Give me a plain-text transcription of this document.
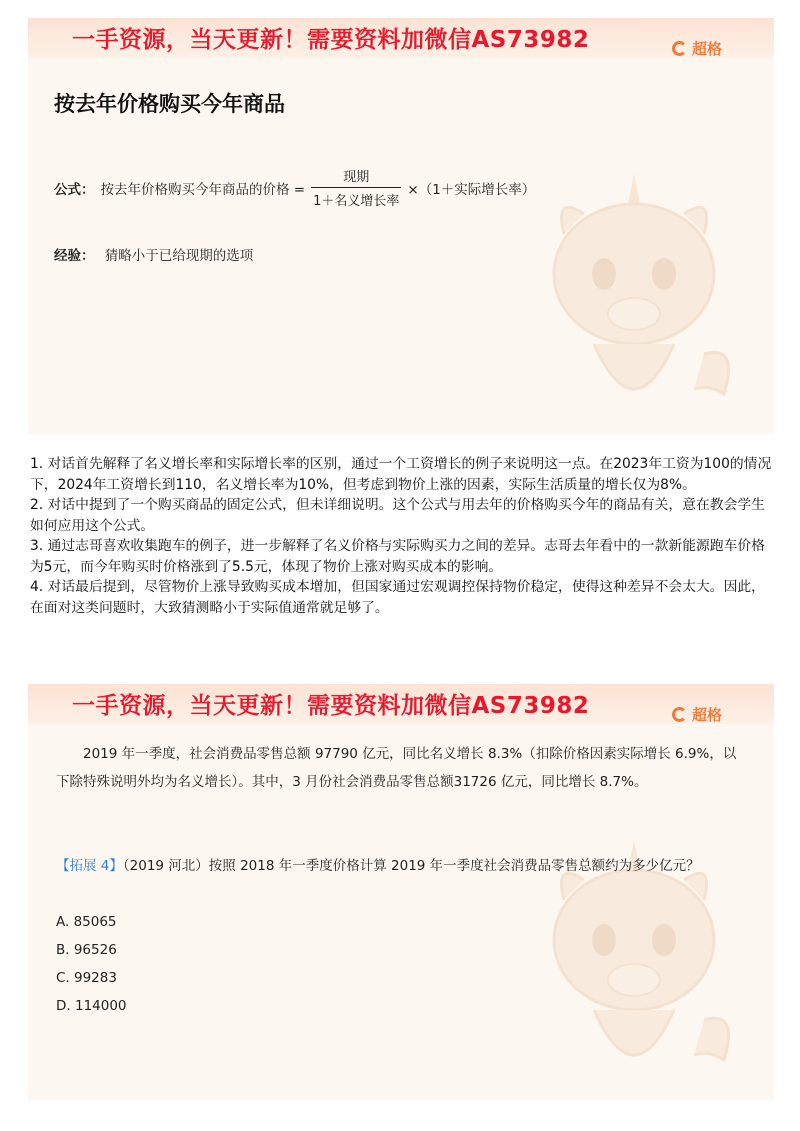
一手资源，当天更新！需要资料加微信AS73982	超格
按去年价格购买今年商品
公式： 按去年价格购买今年商品的价格 = $\frac{\text{现期}}{\text{1＋名义增长率}} \times(1+$实际增长率）
经验： 猜略小于已给现期的选项

1. 对话首先解释了名义增长率和实际增长率的区别，通过一个工资增长的例子来说明这一点。在2023年工资为100的情况下，2024年工资增长到110，名义增长率为10%，但考虑到物价上涨的因素，实际生活质量的增长仅为8%。

2. 对话中提到了一个购买商品的固定公式，但未详细说明。这个公式与用去年的价格购买今年的商品有关，意在教会学生如何应用这个公式。

3. 通过志哥喜欢收集跑车的例子，进一步解释了名义价格与实际购买力之间的差异。志哥去年看中的一款新能源跑车价格为5元，而今年购买时价格涨到了5.5元，体现了物价上涨对购买成本的影响。

4. 对话最后提到，尽管物价上涨导致购买成本增加，但国家通过宏观调控保持物价稳定，使得这种差异不会太大。因此，在面对这类问题时，大致猜测略小于实际值通常就足够了。

一手资源，当天更新！需要资料加微信AS73982	超格
2019 年一季度，社会消费品零售总额 97790 亿元，同比名义增长 8.3%（扣除价格因素实际增长 6.9%，以下除特殊说明外均为名义增长）。其中，3 月份社会消费品零售总额31726 亿元，同比增长 8.7%。
【拓展 4】（2019 河北）按照 2018 年一季度价格计算 2019 年一季度社会消费品零售总额约为多少亿元？
A. 85065
B. 96526
C. 99283
D. 114000
